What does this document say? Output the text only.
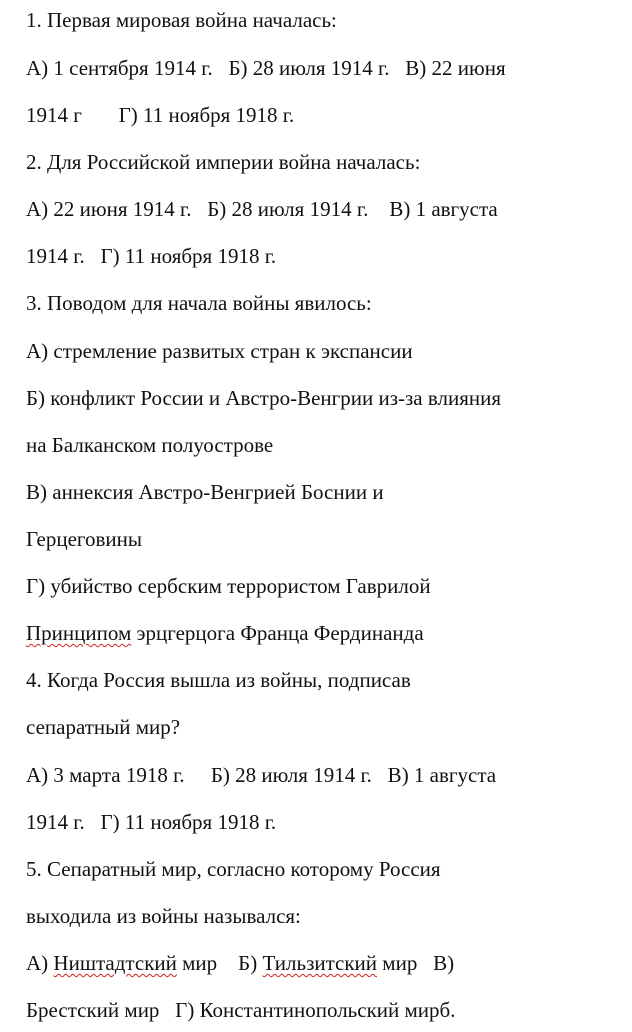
1. Первая мировая война началась:
А) 1 сентября 1914 г.   Б) 28 июля 1914 г.   В) 22 июня
1914 г       Г) 11 ноября 1918 г.
2. Для Российской империи война началась:
А) 22 июня 1914 г.   Б) 28 июля 1914 г.    В) 1 августа
1914 г.   Г) 11 ноября 1918 г.
3. Поводом для начала войны явилось:
А) стремление развитых стран к экспансии
Б) конфликт России и Австро-Венгрии из-за влияния
на Балканском полуострове
В) аннексия Австро-Венгрией Боснии и
Герцеговины
Г) убийство сербским террористом Гаврилой
Принципом эрцгерцога Франца Фердинанда
4. Когда Россия вышла из войны, подписав
сепаратный мир?
А) 3 марта 1918 г.     Б) 28 июля 1914 г.   В) 1 августа
1914 г.   Г) 11 ноября 1918 г.
5. Сепаратный мир, согласно которому Россия
выходила из войны назывался:
А) Ништадтский мир    Б) Тильзитский мир   В)
Брестский мир   Г) Константинопольский мирб.
